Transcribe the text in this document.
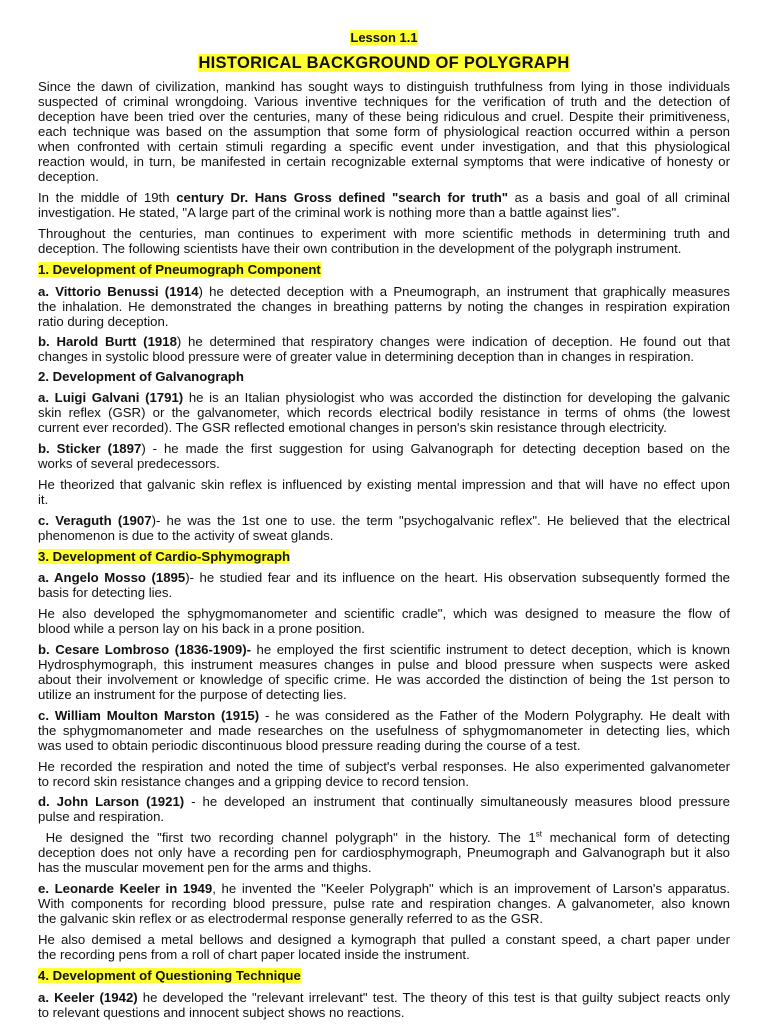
Lesson 1.1
HISTORICAL BACKGROUND OF POLYGRAPH
Since the dawn of civilization, mankind has sought ways to distinguish truthfulness from lying in those individuals
suspected of criminal wrongdoing. Various inventive techniques for the verification of truth and the detection of
deception have been tried over the centuries, many of these being ridiculous and cruel. Despite their primitiveness,
each technique was based on the assumption that some form of physiological reaction occurred within a person
when confronted with certain stimuli regarding a specific event under investigation, and that this physiological
reaction would, in turn, be manifested in certain recognizable external symptoms that were indicative of honesty or
deception.
In the middle of 19th century Dr. Hans Gross defined "search for truth" as a basis and goal of all criminal
investigation. He stated, "A large part of the criminal work is nothing more than a battle against lies".
Throughout the centuries, man continues to experiment with more scientific methods in determining truth and
deception. The following scientists have their own contribution in the development of the polygraph instrument.
1. Development of Pneumograph Component
a. Vittorio Benussi (1914) he detected deception with a Pneumograph, an instrument that graphically measures
the inhalation. He demonstrated the changes in breathing patterns by noting the changes in respiration expiration
ratio during deception.
b. Harold Burtt (1918) he determined that respiratory changes were indication of deception. He found out that
changes in systolic blood pressure were of greater value in determining deception than in changes in respiration.
2. Development of Galvanograph
a. Luigi Galvani (1791) he is an Italian physiologist who was accorded the distinction for developing the galvanic
skin reflex (GSR) or the galvanometer, which records electrical bodily resistance in terms of ohms (the lowest
current ever recorded). The GSR reflected emotional changes in person's skin resistance through electricity.
b. Sticker (1897) - he made the first suggestion for using Galvanograph for detecting deception based on the
works of several predecessors.
He theorized that galvanic skin reflex is influenced by existing mental impression and that will have no effect upon
it.
c. Veraguth (1907)- he was the 1st one to use. the term "psychogalvanic reflex". He believed that the electrical
phenomenon is due to the activity of sweat glands.
3. Development of Cardio-Sphymograph
a. Angelo Mosso (1895)- he studied fear and its influence on the heart. His observation subsequently formed the
basis for detecting lies.
He also developed the sphygmomanometer and scientific cradle", which was designed to measure the flow of
blood while a person lay on his back in a prone position.
b. Cesare Lombroso (1836-1909)- he employed the first scientific instrument to detect deception, which is known
Hydrosphymograph, this instrument measures changes in pulse and blood pressure when suspects were asked
about their involvement or knowledge of specific crime. He was accorded the distinction of being the 1st person to
utilize an instrument for the purpose of detecting lies.
c. William Moulton Marston (1915) - he was considered as the Father of the Modern Polygraphy. He dealt with
the sphygmomanometer and made researches on the usefulness of sphygmomanometer in detecting lies, which
was used to obtain periodic discontinuous blood pressure reading during the course of a test.
He recorded the respiration and noted the time of subject's verbal responses. He also experimented galvanometer
to record skin resistance changes and a gripping device to record tension.
d. John Larson (1921) - he developed an instrument that continually simultaneously measures blood pressure
pulse and respiration.
He designed the "first two recording channel polygraph" in the history. The 1st mechanical form of detecting
deception does not only have a recording pen for cardiosphymograph, Pneumograph and Galvanograph but it also
has the muscular movement pen for the arms and thighs.
e. Leonarde Keeler in 1949, he invented the "Keeler Polygraph" which is an improvement of Larson's apparatus.
With components for recording blood pressure, pulse rate and respiration changes. A galvanometer, also known
the galvanic skin reflex or as electrodermal response generally referred to as the GSR.
He also demised a metal bellows and designed a kymograph that pulled a constant speed, a chart paper under
the recording pens from a roll of chart paper located inside the instrument.
4. Development of Questioning Technique
a. Keeler (1942) he developed the "relevant irrelevant" test. The theory of this test is that guilty subject reacts only
to relevant questions and innocent subject shows no reactions.
